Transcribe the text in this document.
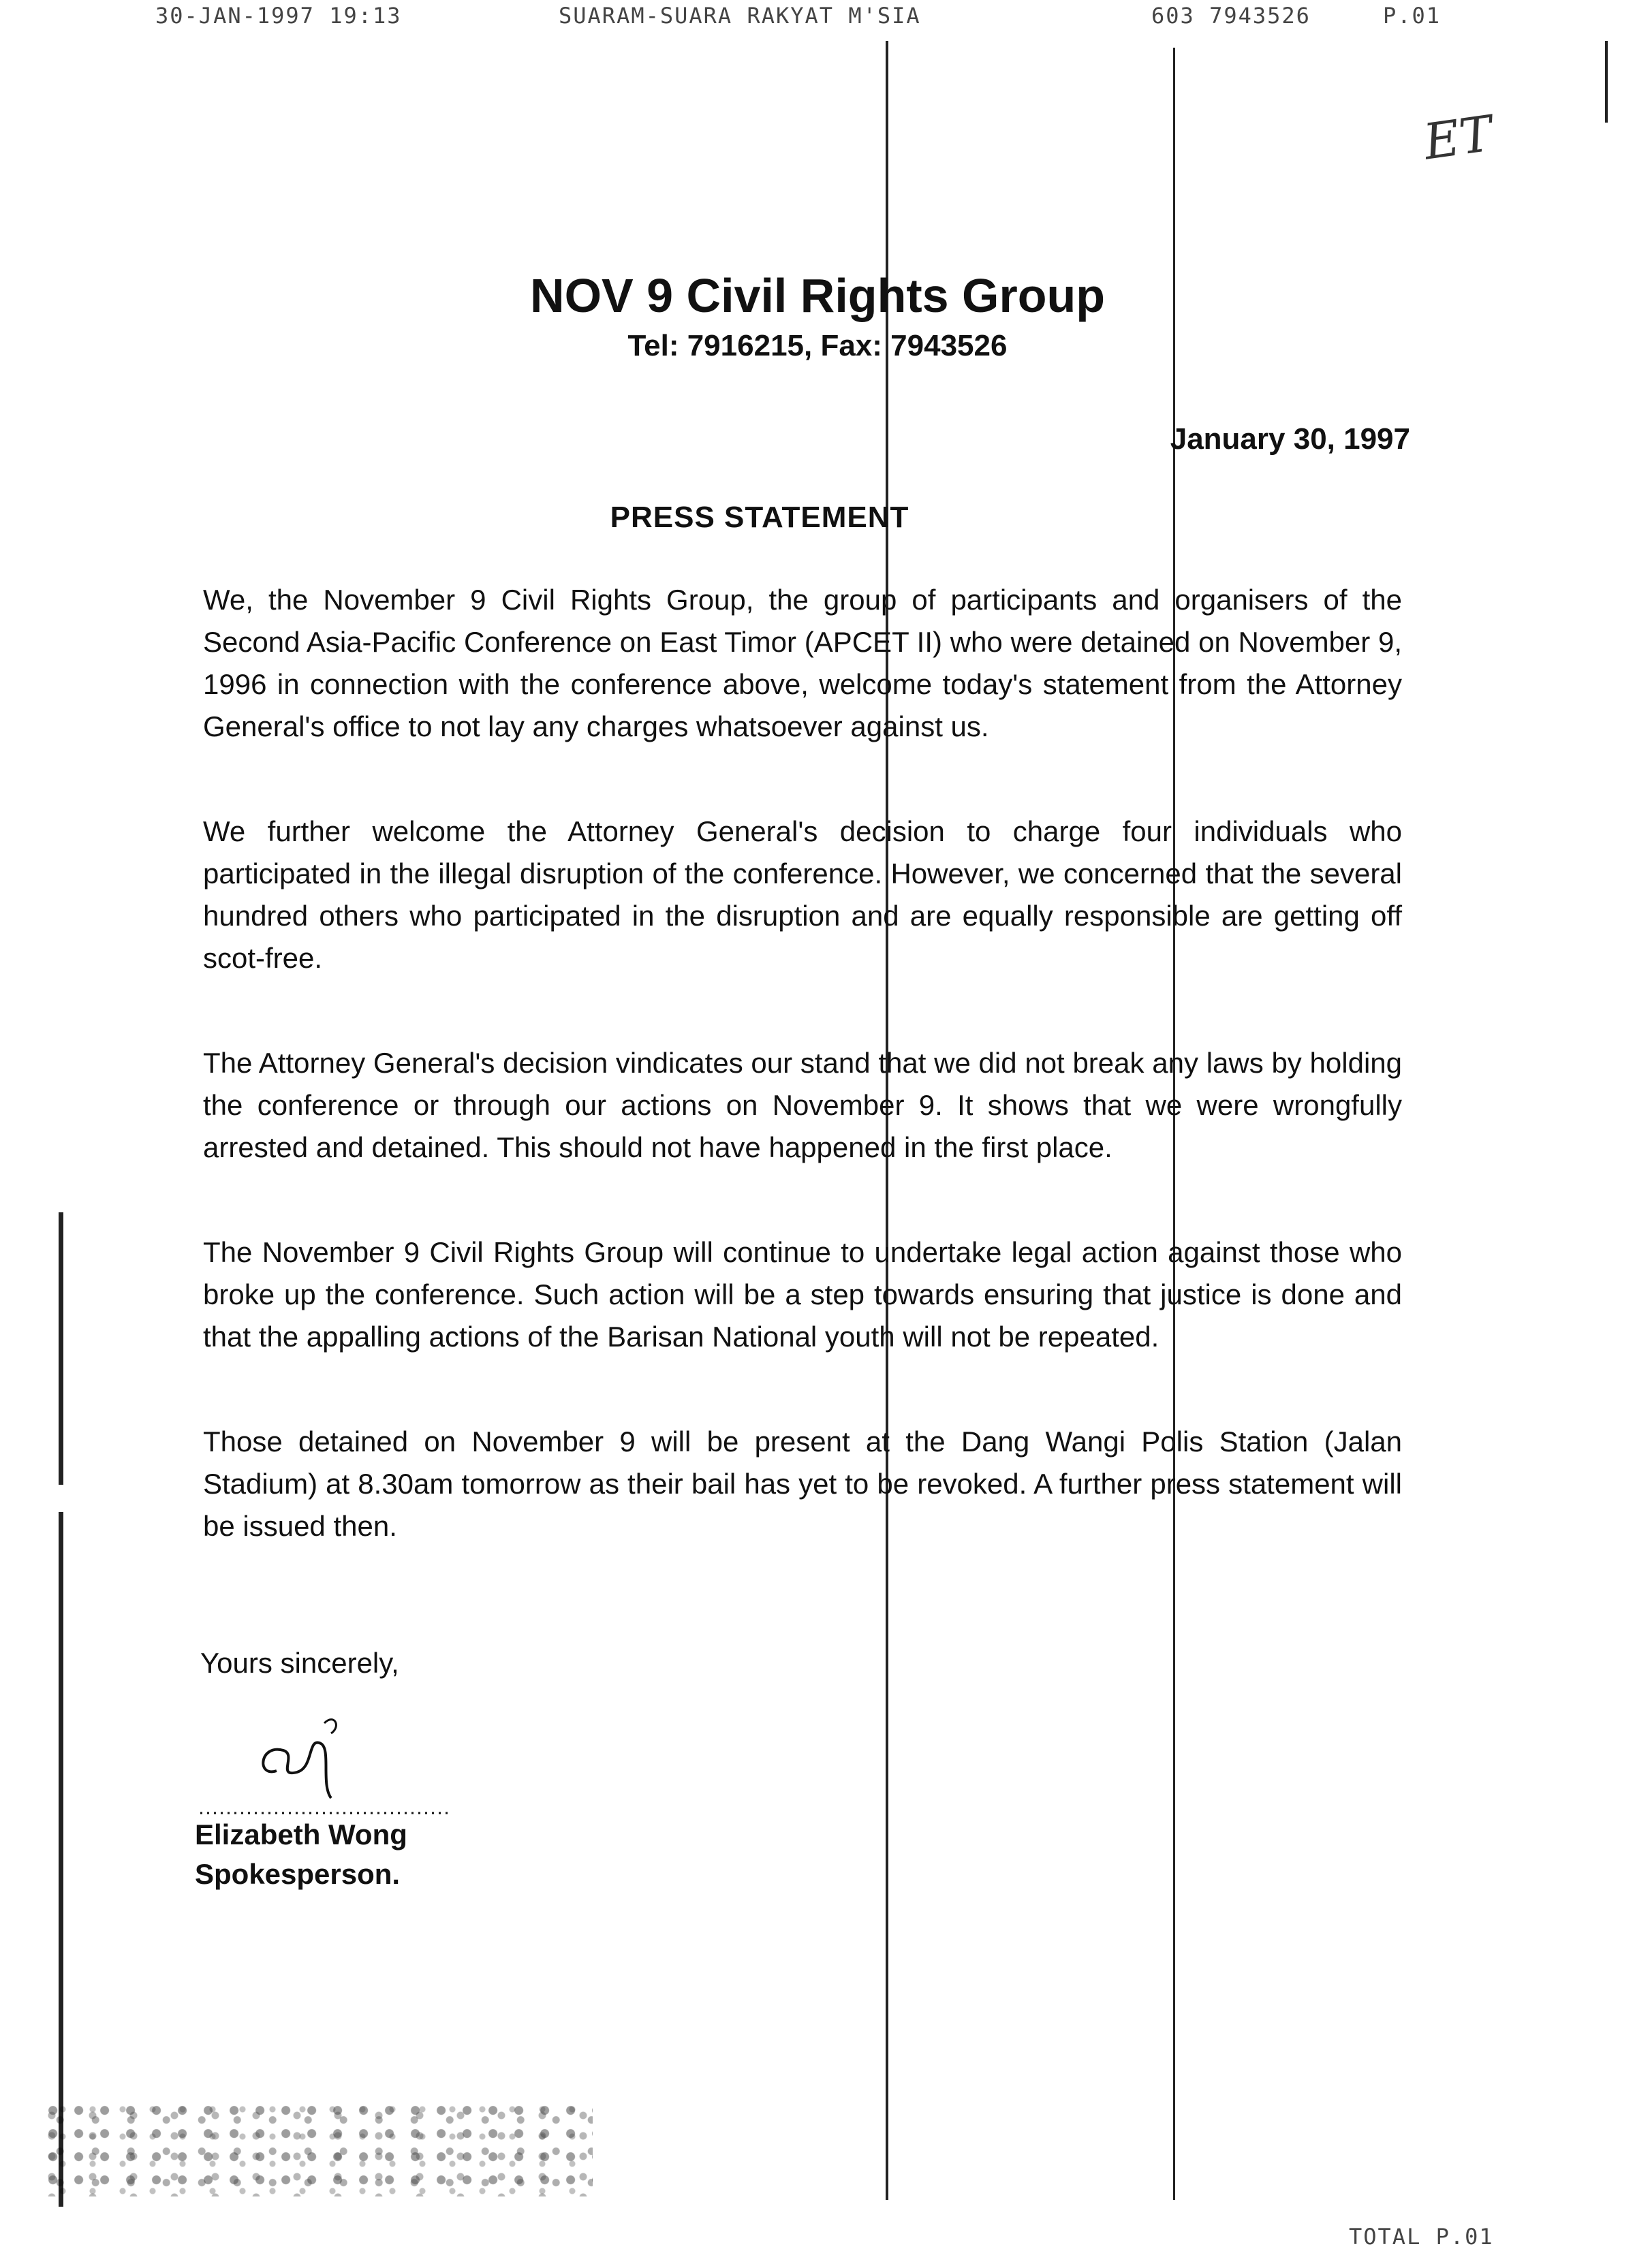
30-JAN-1997 19:13	SUARAM-SUARA RAKYAT M'SIA	603 7943526	P.01
ET
NOV 9 Civil Rights Group
Tel: 7916215, Fax: 7943526
January 30, 1997
PRESS STATEMENT

We, the November 9 Civil Rights Group, the group of participants and organisers of the Second Asia-Pacific Conference on East Timor (APCET II) who were detained on November 9, 1996 in connection with the conference above, welcome today's statement from the Attorney General's office to not lay any charges whatsoever against us.

We further welcome the Attorney General's decision to charge four individuals who participated in the illegal disruption of the conference. However, we concerned that the several hundred others who participated in the disruption and are equally responsible are getting off scot-free.

The Attorney General's decision vindicates our stand that we did not break any laws by holding the conference or through our actions on November 9. It shows that we were wrongfully arrested and detained. This should not have happened in the first place.

The November 9 Civil Rights Group will continue to undertake legal action against those who broke up the conference. Such action will be a step towards ensuring that justice is done and that the appalling actions of the Barisan National youth will not be repeated.

Those detained on November 9 will be present at the Dang Wangi Polis Station (Jalan Stadium) at 8.30am tomorrow as their bail has yet to be revoked. A further press statement will be issued then.

Yours sincerely,
Elizabeth Wong
Spokesperson.
TOTAL P.01
